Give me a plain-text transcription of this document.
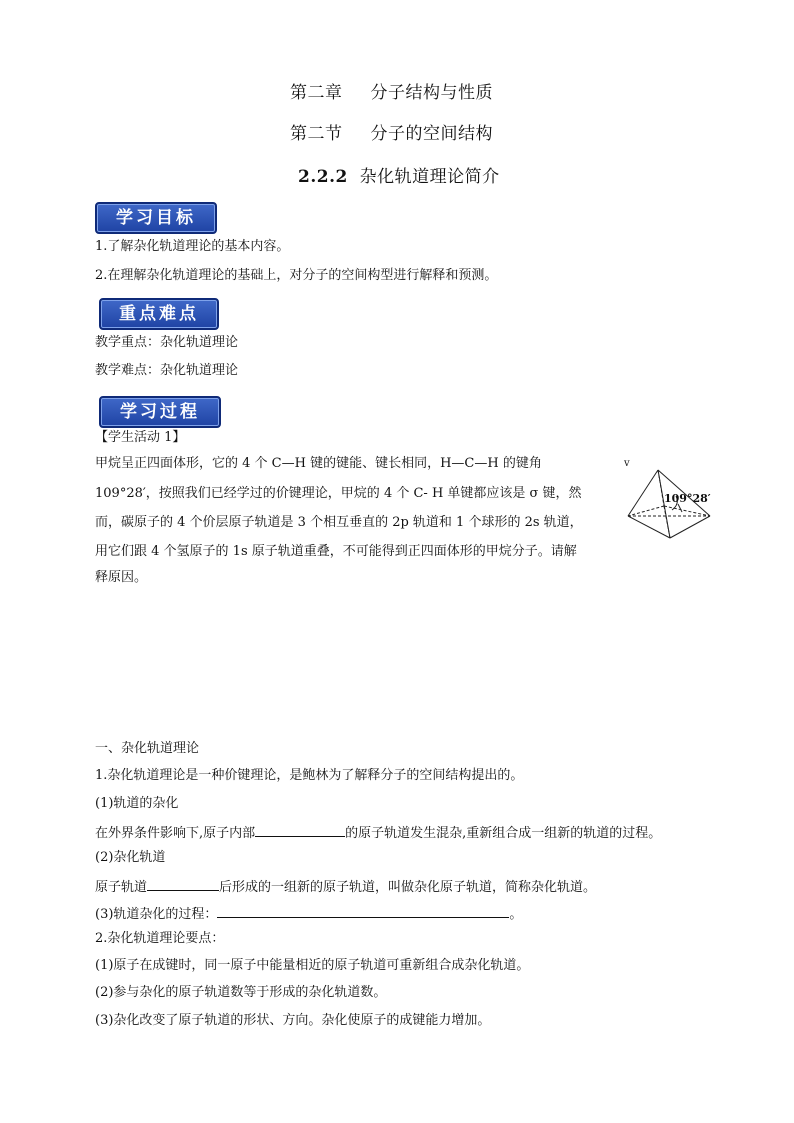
第二章 分子结构与性质
第二节 分子的空间结构
2.2.2 杂化轨道理论简介
学习目标
1.了解杂化轨道理论的基本内容。
2.在理解杂化轨道理论的基础上，对分子的空间构型进行解释和预测。
重点难点
教学重点：杂化轨道理论
教学难点：杂化轨道理论
学习过程
【学生活动 1】
甲烷呈正四面体形，它的 4 个 C—H 键的键能、键长相同，H—C—H 的键角
109°28′，按照我们已经学过的价键理论，甲烷的 4 个 C- H 单键都应该是 σ 键，然
而，碳原子的 4 个价层原子轨道是 3 个相互垂直的 2p 轨道和 1 个球形的 2s 轨道，
用它们跟 4 个氢原子的 1s 原子轨道重叠，不可能得到正四面体形的甲烷分子。请解
释原因。
v
109°28′
一、杂化轨道理论
1.杂化轨道理论是一种价键理论，是鲍林为了解释分子的空间结构提出的。
(1)轨道的杂化
在外界条件影响下,原子内部	的原子轨道发生混杂,重新组合成一组新的轨道的过程。
(2)杂化轨道
原子轨道	后形成的一组新的原子轨道，叫做杂化原子轨道，简称杂化轨道。
(3)轨道杂化的过程：	。
2.杂化轨道理论要点：
(1)原子在成键时，同一原子中能量相近的原子轨道可重新组合成杂化轨道。
(2)参与杂化的原子轨道数等于形成的杂化轨道数。
(3)杂化改变了原子轨道的形状、方向。杂化使原子的成键能力增加。
